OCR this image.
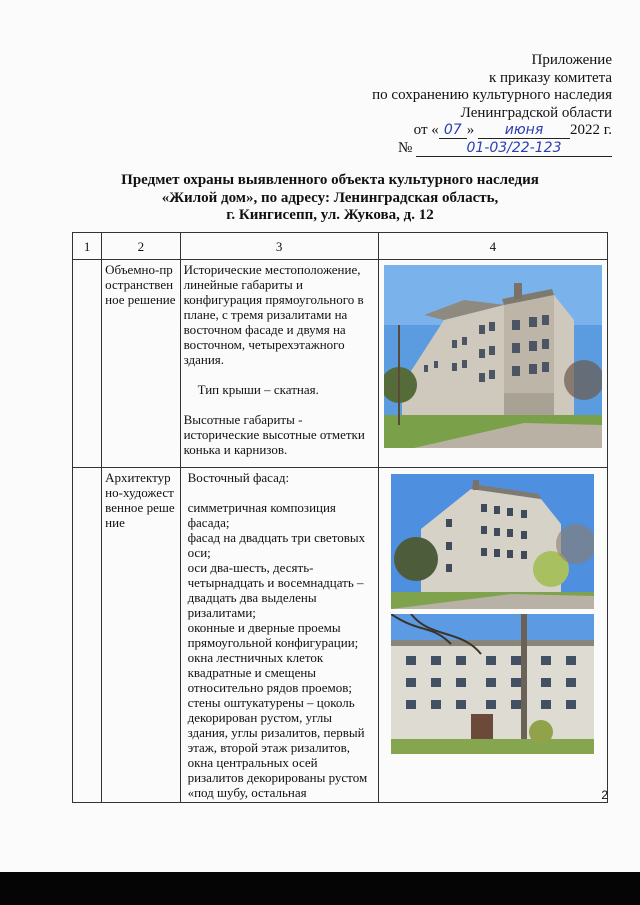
Приложение
к приказу комитета
по сохранению культурного наследия
Ленинградской области
от « 07 » июня 2022 г.
№	01-03/22-123
Предмет охраны выявленного объекта культурного наследия
«Жилой дом», по адресу: Ленинградская область,
г. Кингисепп, ул. Жукова, д. 12
1	2	3	4
	Объемно-пространственное решение	Исторические местоположение, линейные габариты и конфигурация прямоугольного в плане, с тремя ризалитами на восточном фасаде и двумя на восточном, четырехэтажного здания.

Тип крыши – скатная.

Высотные габариты - исторические высотные отметки конька и карнизов.

	Архитектурно-художественное решение	Восточный фасад:

симметричная композиция фасада;

фасад на двадцать три световых оси;

оси два-шесть, десять-четырнадцать и восемнадцать – двадцать два выделены ризалитами;

оконные и дверные проемы прямоугольной конфигурации; окна лестничных клеток квадратные и смещены относительно рядов проемов; стены оштукатурены – цоколь декорирован рустом, углы здания, углы ризалитов, первый этаж, второй этаж ризалитов, окна центральных осей ризалитов декорированы рустом «под шубу, остальная

		2
